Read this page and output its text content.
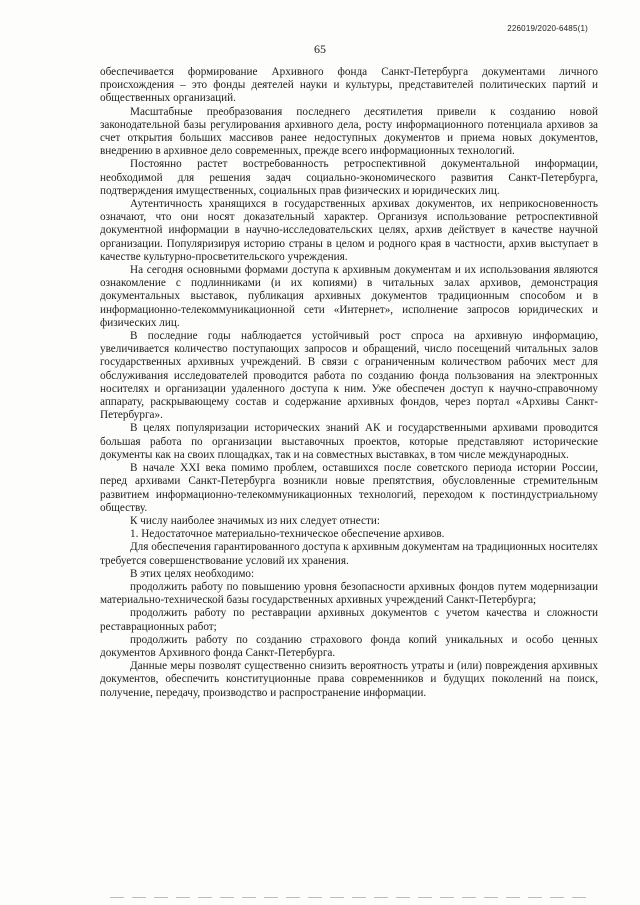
226019/2020-6485(1)
65

обеспечивается формирование Архивного фонда Санкт-Петербурга документами личного происхождения – это фонды деятелей науки и культуры, представителей политических партий и общественных организаций.

Масштабные преобразования последнего десятилетия привели к созданию новой законодательной базы регулирования архивного дела, росту информационного потенциала архивов за счет открытия больших массивов ранее недоступных документов и приема новых документов, внедрению в архивное дело современных, прежде всего информационных технологий.

Постоянно растет востребованность ретроспективной документальной информации, необходимой для решения задач социально-экономического развития Санкт-Петербурга, подтверждения имущественных, социальных прав физических и юридических лиц.

Аутентичность хранящихся в государственных архивах документов, их неприкосновенность означают, что они носят доказательный характер. Организуя использование ретроспективной документной информации в научно-исследовательских целях, архив действует в качестве научной организации. Популяризируя историю страны в целом и родного края в частности, архив выступает в качестве культурно-просветительского учреждения.

На сегодня основными формами доступа к архивным документам и их использования являются ознакомление с подлинниками (и их копиями) в читальных залах архивов, демонстрация документальных выставок, публикация архивных документов традиционным способом и в информационно-телекоммуникационной сети «Интернет», исполнение запросов юридических и физических лиц.

В последние годы наблюдается устойчивый рост спроса на архивную информацию, увеличивается количество поступающих запросов и обращений, число посещений читальных залов государственных архивных учреждений. В связи с ограниченным количеством рабочих мест для обслуживания исследователей проводится работа по созданию фонда пользования на электронных носителях и организации удаленного доступа к ним. Уже обеспечен доступ к научно-справочному аппарату, раскрывающему состав и содержание архивных фондов, через портал «Архивы Санкт-Петербурга».

В целях популяризации исторических знаний АК и государственными архивами проводится большая работа по организации выставочных проектов, которые представляют исторические документы как на своих площадках, так и на совместных выставках, в том числе международных.

В начале XXI века помимо проблем, оставшихся после советского периода истории России, перед архивами Санкт-Петербурга возникли новые препятствия, обусловленные стремительным развитием информационно-телекоммуникационных технологий, переходом к постиндустриальному обществу.

К числу наиболее значимых из них следует отнести:

1. Недостаточное материально-техническое обеспечение архивов.

Для обеспечения гарантированного доступа к архивным документам на традиционных носителях требуется совершенствование условий их хранения.

В этих целях необходимо:

продолжить работу по повышению уровня безопасности архивных фондов путем модернизации материально-технической базы государственных архивных учреждений Санкт-Петербурга;

продолжить работу по реставрации архивных документов с учетом качества и сложности реставрационных работ;

продолжить работу по созданию страхового фонда копий уникальных и особо ценных документов Архивного фонда Санкт-Петербурга.

Данные меры позволят существенно снизить вероятность утраты и (или) повреждения архивных документов, обеспечить конституционные права современников и будущих поколений на поиск, получение, передачу, производство и распространение информации.
